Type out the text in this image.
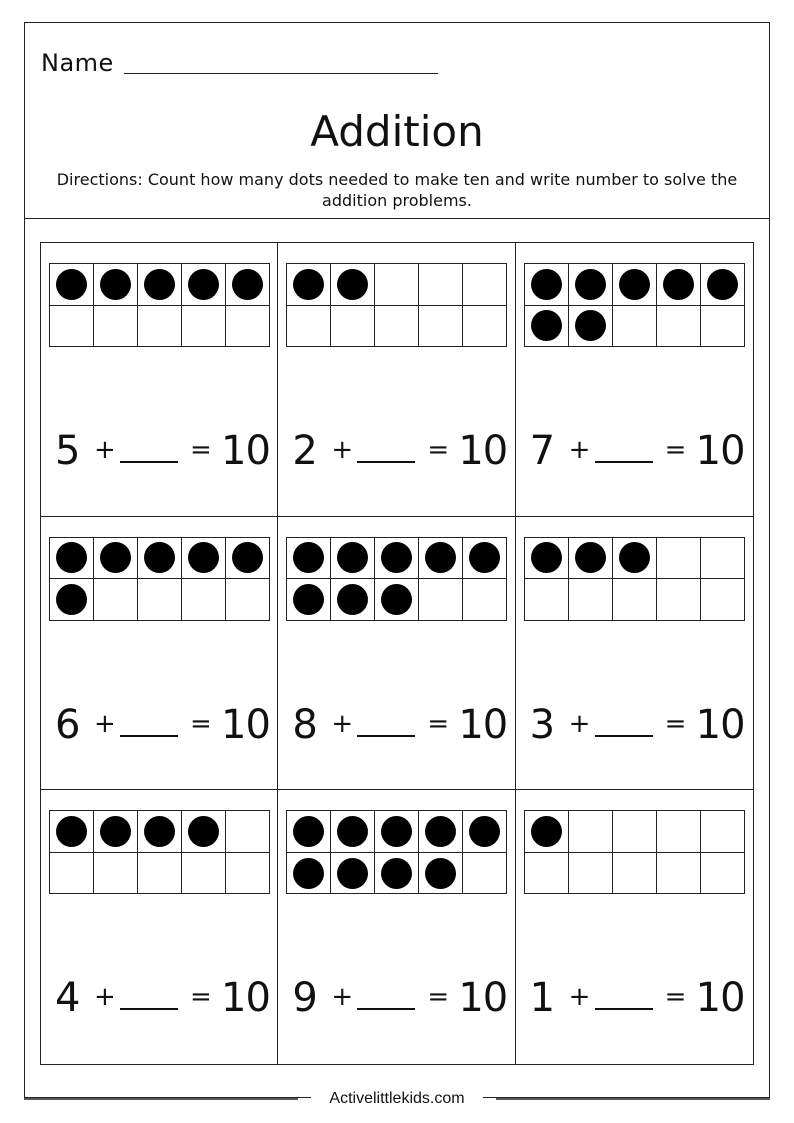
Name
Addition
Directions: Count how many dots needed to make ten and write number to solve the addition problems.
5 +	= 10 2 +	= 10 7 +	= 10
6 +	= 10 8 +	= 10 3 +	= 10
4 +	= 10 9 +	= 10 1 +	= 10
Activelittlekids.com
